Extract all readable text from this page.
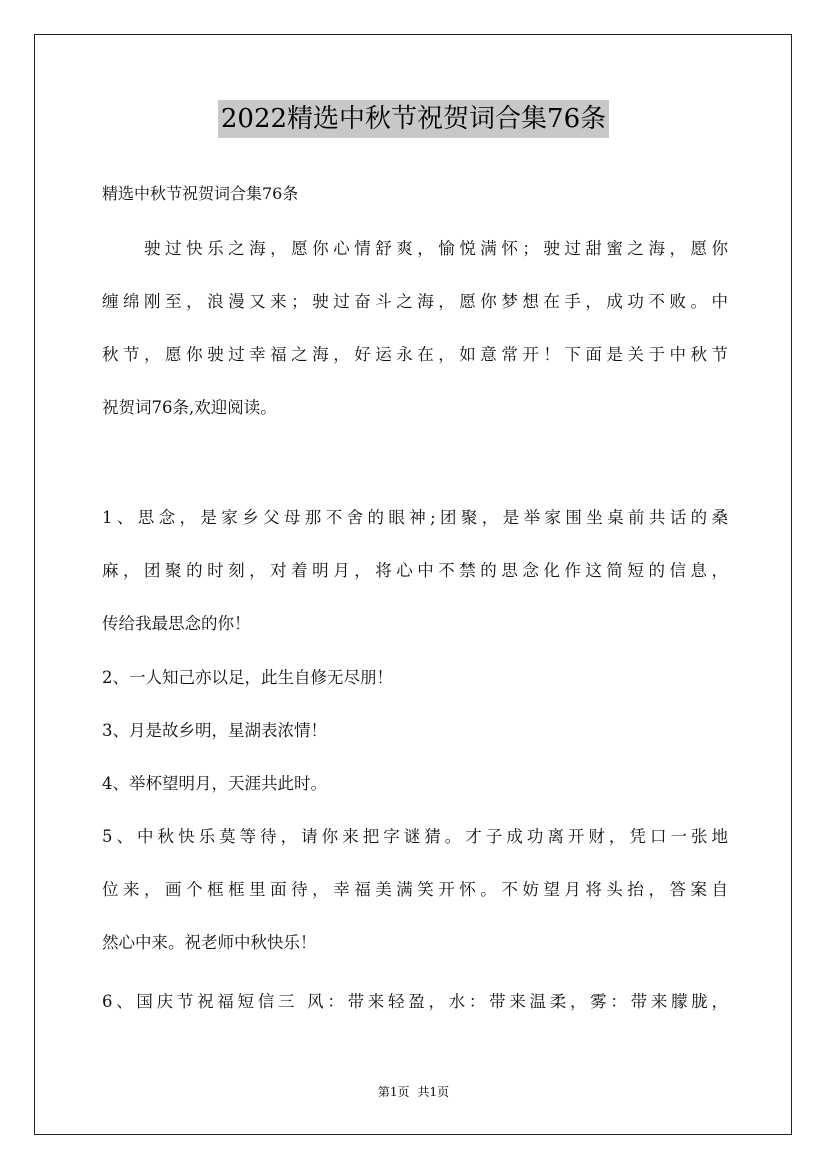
2022精选中秋节祝贺词合集76条
精选中秋节祝贺词合集76条
　　驶过快乐之海，愿你心情舒爽，愉悦满怀；驶过甜蜜之海，愿你
缠绵刚至，浪漫又来；驶过奋斗之海，愿你梦想在手，成功不败。中
秋节，愿你驶过幸福之海，好运永在，如意常开！下面是关于中秋节
祝贺词76条,欢迎阅读。
1、思念，是家乡父母那不舍的眼神;团聚，是举家围坐桌前共话的桑
麻，团聚的时刻，对着明月，将心中不禁的思念化作这简短的信息，
传给我最思念的你！
2、一人知己亦以足，此生自修无尽朋！
3、月是故乡明，星湖表浓情！
4、举杯望明月，天涯共此时。
5、中秋快乐莫等待，请你来把字谜猜。才子成功离开财，凭口一张地
位来，画个框框里面待，幸福美满笑开怀。不妨望月将头抬，答案自
然心中来。祝老师中秋快乐！
6、国庆节祝福短信三 风：带来轻盈，水：带来温柔，雾：带来朦胧，
第1页 共1页
